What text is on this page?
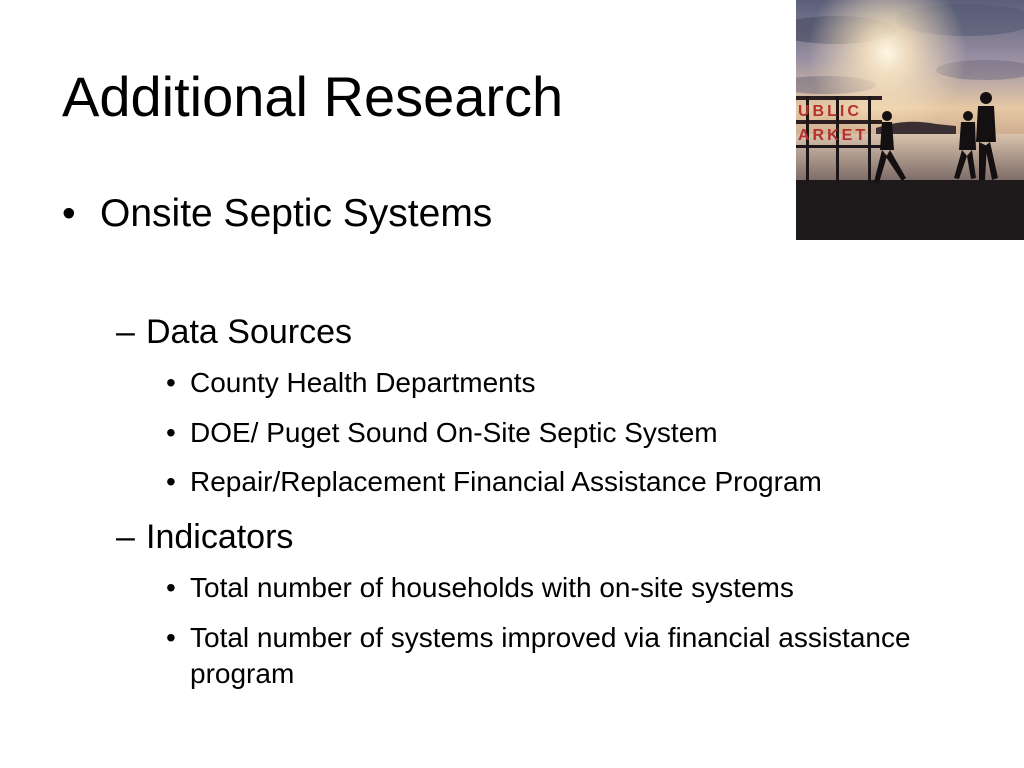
Additional Research	UBLIC
ARKET
• Onsite Septic Systems
– Data Sources
• County Health Departments
• DOE/ Puget Sound On-Site Septic System
• Repair/Replacement Financial Assistance Program
– Indicators
• Total number of households with on-site systems
• Total number of systems improved via financial assistance program
